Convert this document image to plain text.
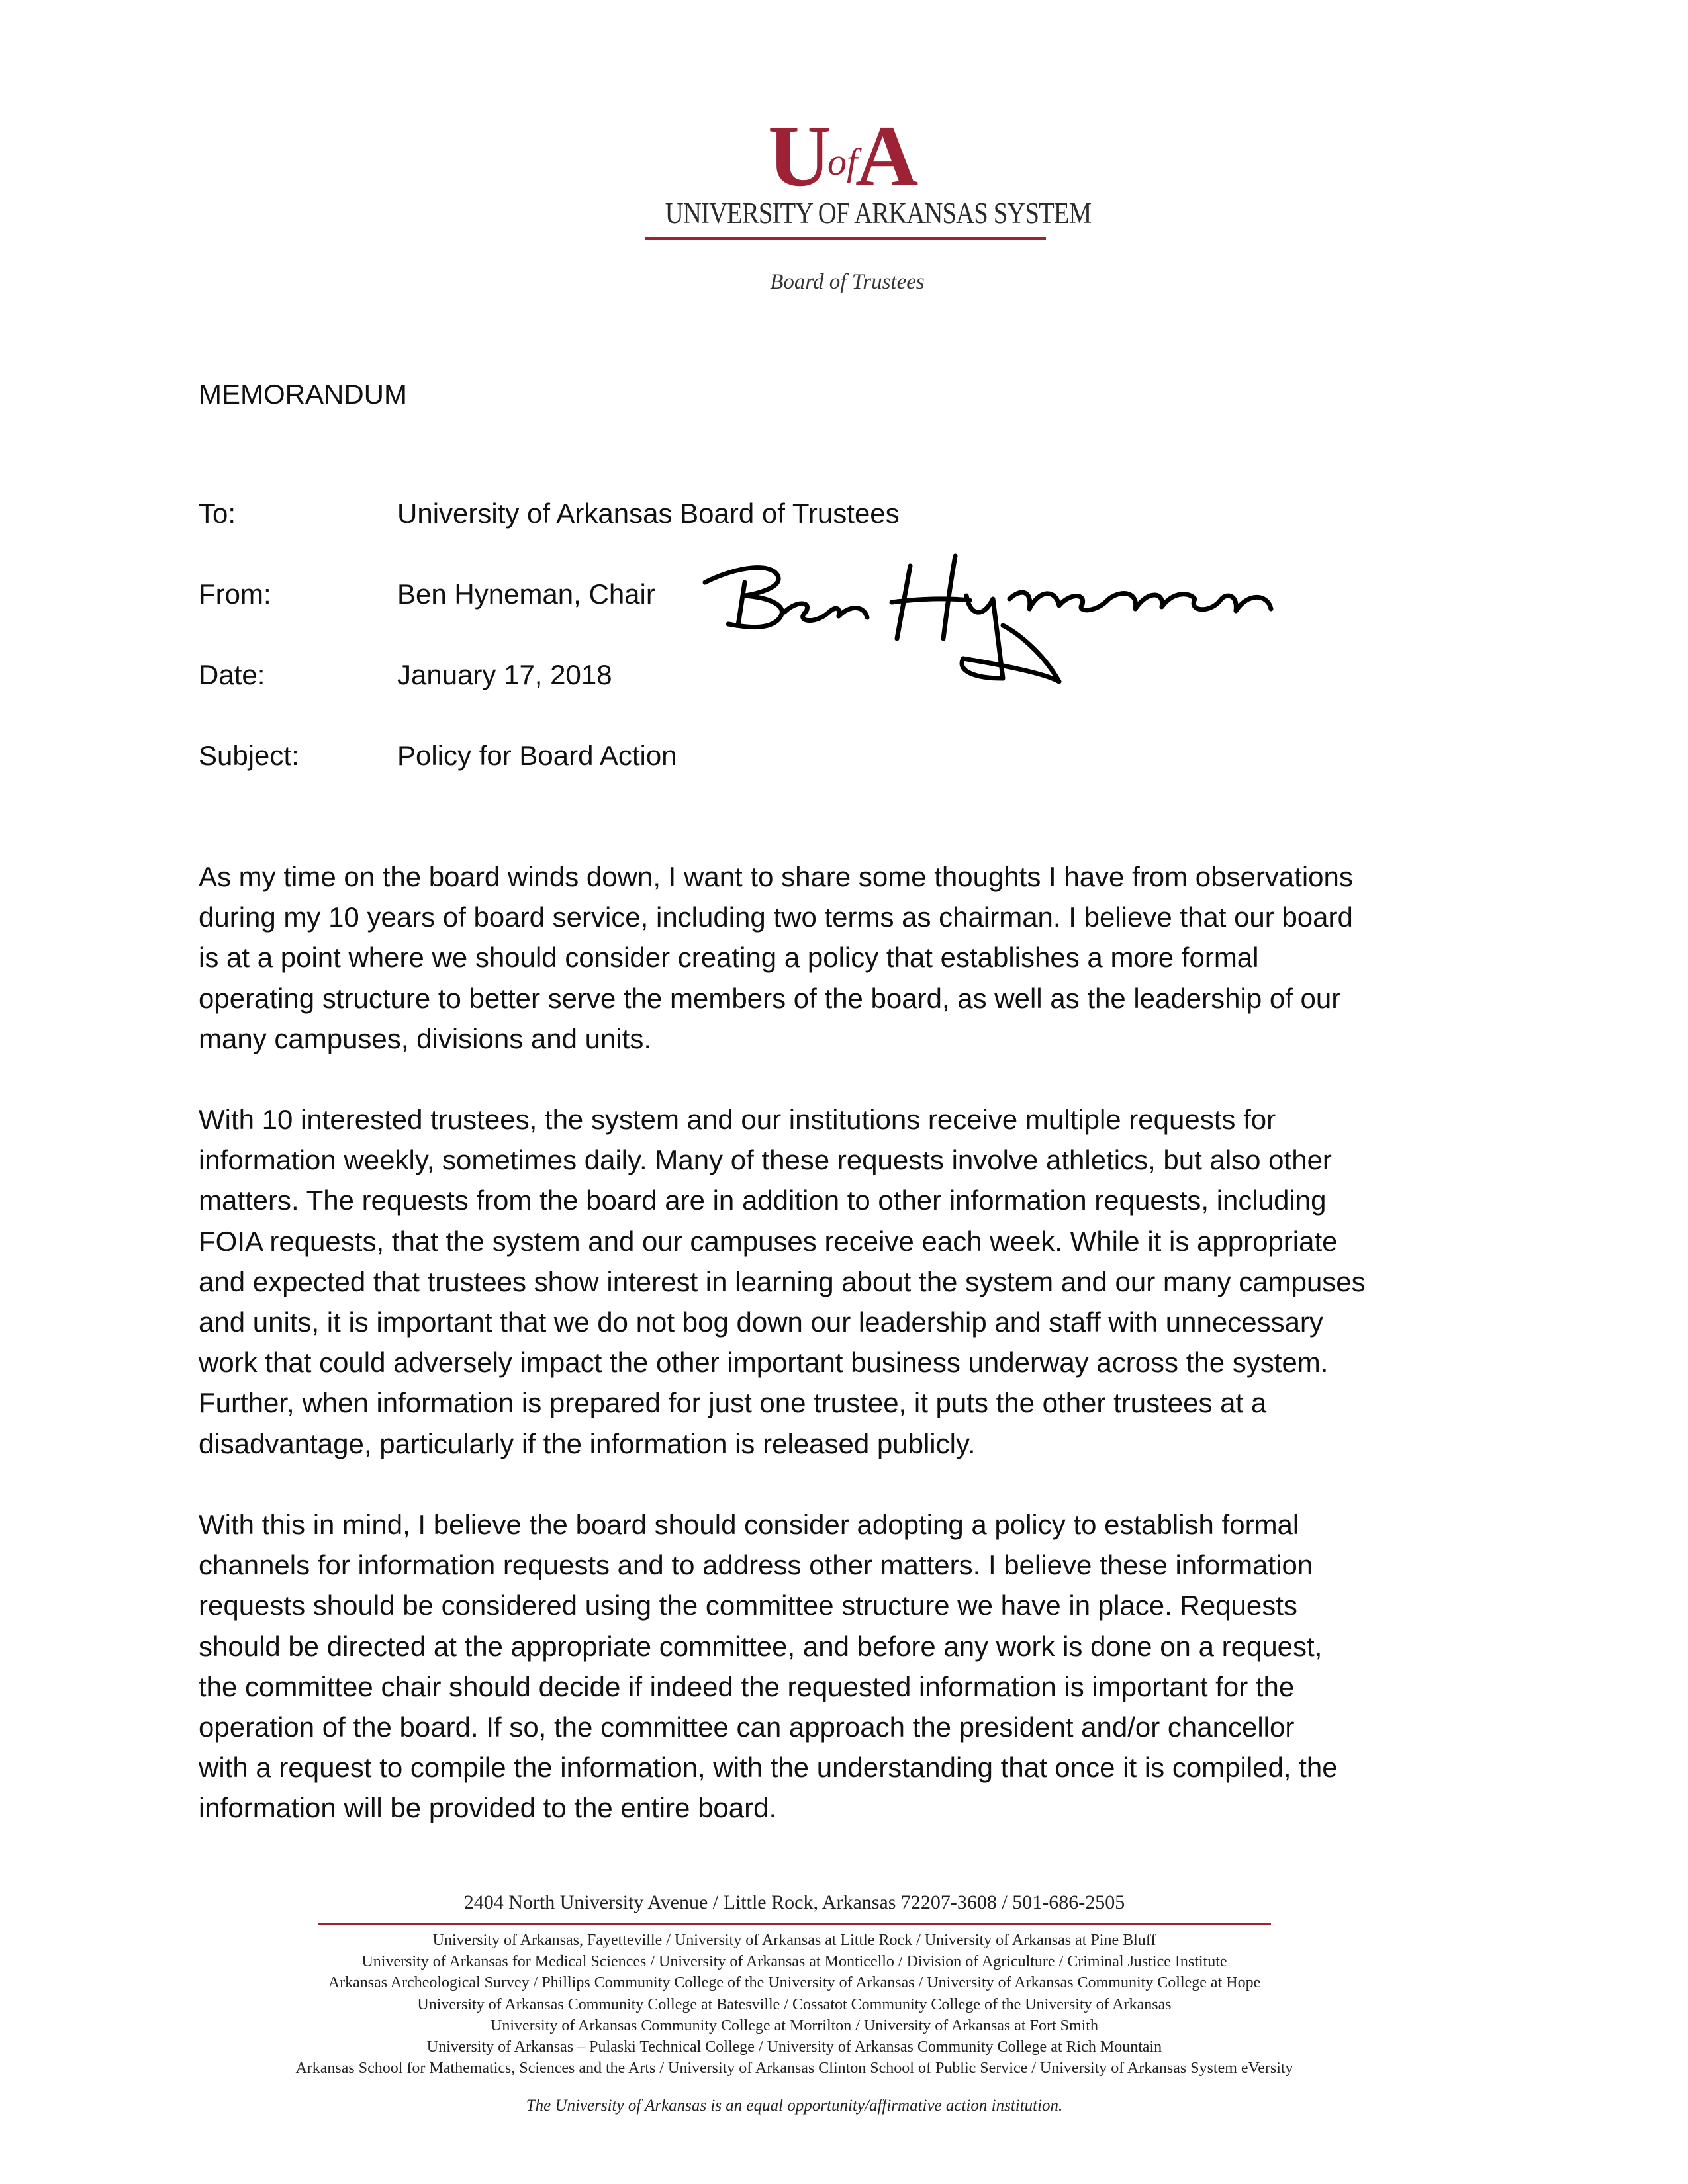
U
of
A
UNIVERSITY OF ARKANSAS SYSTEM
Board of Trustees
MEMORANDUM
To:	University of Arkansas Board of Trustees
From:	Ben Hyneman, Chair
Date:	January 17, 2018
Subject:	Policy for Board Action
As my time on the board winds down, I want to share some thoughts I have from observations
during my 10 years of board service, including two terms as chairman. I believe that our board
is at a point where we should consider creating a policy that establishes a more formal
operating structure to better serve the members of the board, as well as the leadership of our
many campuses, divisions and units.
With 10 interested trustees, the system and our institutions receive multiple requests for
information weekly, sometimes daily. Many of these requests involve athletics, but also other
matters. The requests from the board are in addition to other information requests, including
FOIA requests, that the system and our campuses receive each week. While it is appropriate
and expected that trustees show interest in learning about the system and our many campuses
and units, it is important that we do not bog down our leadership and staff with unnecessary
work that could adversely impact the other important business underway across the system.
Further, when information is prepared for just one trustee, it puts the other trustees at a
disadvantage, particularly if the information is released publicly.
With this in mind, I believe the board should consider adopting a policy to establish formal
channels for information requests and to address other matters. I believe these information
requests should be considered using the committee structure we have in place. Requests
should be directed at the appropriate committee, and before any work is done on a request,
the committee chair should decide if indeed the requested information is important for the
operation of the board. If so, the committee can approach the president and/or chancellor
with a request to compile the information, with the understanding that once it is compiled, the
information will be provided to the entire board.
2404 North University Avenue / Little Rock, Arkansas 72207-3608 / 501-686-2505
University of Arkansas, Fayetteville / University of Arkansas at Little Rock / University of Arkansas at Pine Bluff
University of Arkansas for Medical Sciences / University of Arkansas at Monticello / Division of Agriculture / Criminal Justice Institute
Arkansas Archeological Survey / Phillips Community College of the University of Arkansas / University of Arkansas Community College at Hope
University of Arkansas Community College at Batesville / Cossatot Community College of the University of Arkansas
University of Arkansas Community College at Morrilton / University of Arkansas at Fort Smith
University of Arkansas – Pulaski Technical College / University of Arkansas Community College at Rich Mountain
Arkansas School for Mathematics, Sciences and the Arts / University of Arkansas Clinton School of Public Service / University of Arkansas System eVersity
The University of Arkansas is an equal opportunity/affirmative action institution.
